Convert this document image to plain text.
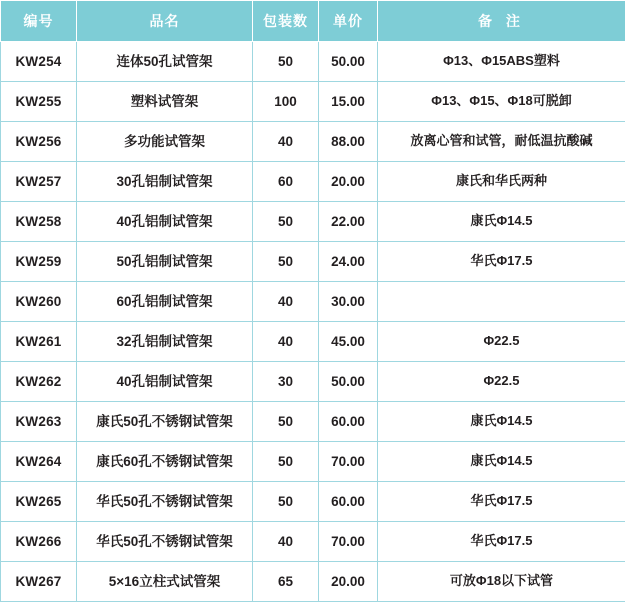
编号	品名	包装数	单价	备 注
KW254	连体50孔试管架	50	50.00	Φ13、Φ15ABS塑料
KW255	塑料试管架	100	15.00	Φ13、Φ15、Φ18可脱卸
KW256	多功能试管架	40	88.00	放离心管和试管，耐低温抗酸碱
KW257	30孔铝制试管架	60	20.00	康氏和华氏两种
KW258	40孔铝制试管架	50	22.00	康氏Φ14.5
KW259	50孔铝制试管架	50	24.00	华氏Φ17.5
KW260	60孔铝制试管架	40	30.00	
KW261	32孔铝制试管架	40	45.00	Φ22.5
KW262	40孔铝制试管架	30	50.00	Φ22.5
KW263	康氏50孔不锈钢试管架	50	60.00	康氏Φ14.5
KW264	康氏60孔不锈钢试管架	50	70.00	康氏Φ14.5
KW265	华氏50孔不锈钢试管架	50	60.00	华氏Φ17.5
KW266	华氏50孔不锈钢试管架	40	70.00	华氏Φ17.5
KW267	5×16立柱式试管架	65	20.00	可放Φ18以下试管
